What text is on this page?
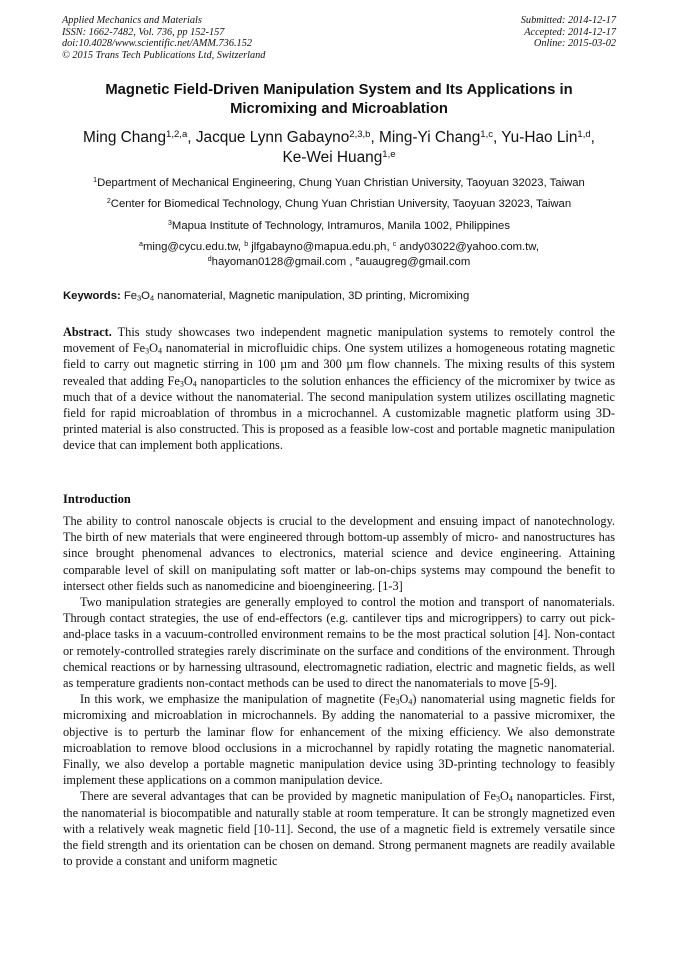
Applied Mechanics and Materials
ISSN: 1662-7482, Vol. 736, pp 152-157
doi:10.4028/www.scientific.net/AMM.736.152
© 2015 Trans Tech Publications Ltd, Switzerland
Submitted: 2014-12-17
Accepted: 2014-12-17
Online: 2015-03-02
Magnetic Field-Driven Manipulation System and Its Applications in
Micromixing and Microablation
Ming Chang$^{1,2,a}$, Jacque Lynn Gabayno$^{2,3,b}$, Ming-Yi Chang$^{1,c}$, Yu-Hao Lin$^{1,d}$,
Ke-Wei Huang$^{1,e}$
$^1$Department of Mechanical Engineering, Chung Yuan Christian University, Taoyuan 32023, Taiwan
$^2$Center for Biomedical Technology, Chung Yuan Christian University, Taoyuan 32023, Taiwan
$^3$Mapua Institute of Technology, Intramuros, Manila 1002, Philippines
$^a$ming@cycu.edu.tw, $^b$ jlfgabayno@mapua.edu.ph, $^c$ andy03022@yahoo.com.tw,
$^d$hayoman0128@gmail.com , $^e$auaugreg@gmail.com
Keywords: $Fe_3O_4$ nanomaterial, Magnetic manipulation, 3D printing, Micromixing

Abstract. This study showcases two independent magnetic manipulation systems to remotely control the movement of $Fe_3O_4$ nanomaterial in microfluidic chips. One system utilizes a homogeneous rotating magnetic field to carry out magnetic stirring in 100 µm and 300 µm flow channels. The mixing results of this system revealed that adding $Fe_3O_4$ nanoparticles to the solution enhances the efficiency of the micromixer by twice as much that of a device without the nanomaterial. The second manipulation system utilizes oscillating magnetic field for rapid microablation of thrombus in a microchannel. A customizable magnetic platform using 3D-printed material is also constructed. This is proposed as a feasible low-cost and portable magnetic manipulation device that can implement both applications.

Introduction

The ability to control nanoscale objects is crucial to the development and ensuing impact of nanotechnology. The birth of new materials that were engineered through bottom-up assembly of micro- and nanostructures has since brought phenomenal advances to electronics, material science and device engineering. Attaining comparable level of skill on manipulating soft matter or lab-on-chips systems may compound the benefit to intersect other fields such as nanomedicine and bioengineering. [1-3]

Two manipulation strategies are generally employed to control the motion and transport of nanomaterials. Through contact strategies, the use of end-effectors (e.g. cantilever tips and microgrippers) to carry out pick-and-place tasks in a vacuum-controlled environment remains to be the most practical solution [4]. Non-contact or remotely-controlled strategies rarely discriminate on the surface and conditions of the environment. Through chemical reactions or by harnessing ultrasound, electromagnetic radiation, electric and magnetic fields, as well as temperature gradients non-contact methods can be used to direct the nanomaterials to move [5-9].

In this work, we emphasize the manipulation of magnetite $(Fe_3O_4)$ nanomaterial using magnetic fields for micromixing and microablation in microchannels. By adding the nanomaterial to a passive micromixer, the objective is to perturb the laminar flow for enhancement of the mixing efficiency. We also demonstrate microablation to remove blood occlusions in a microchannel by rapidly rotating the magnetic nanomaterial. Finally, we also develop a portable magnetic manipulation device using 3D-printing technology to feasibly implement these applications on a common manipulation device.

There are several advantages that can be provided by magnetic manipulation of $Fe_3O_4$ nanoparticles. First, the nanomaterial is biocompatible and naturally stable at room temperature. It can be strongly magnetized even with a relatively weak magnetic field [10-11]. Second, the use of a magnetic field is extremely versatile since the field strength and its orientation can be chosen on demand. Strong permanent magnets are readily available to provide a constant and uniform magnetic
